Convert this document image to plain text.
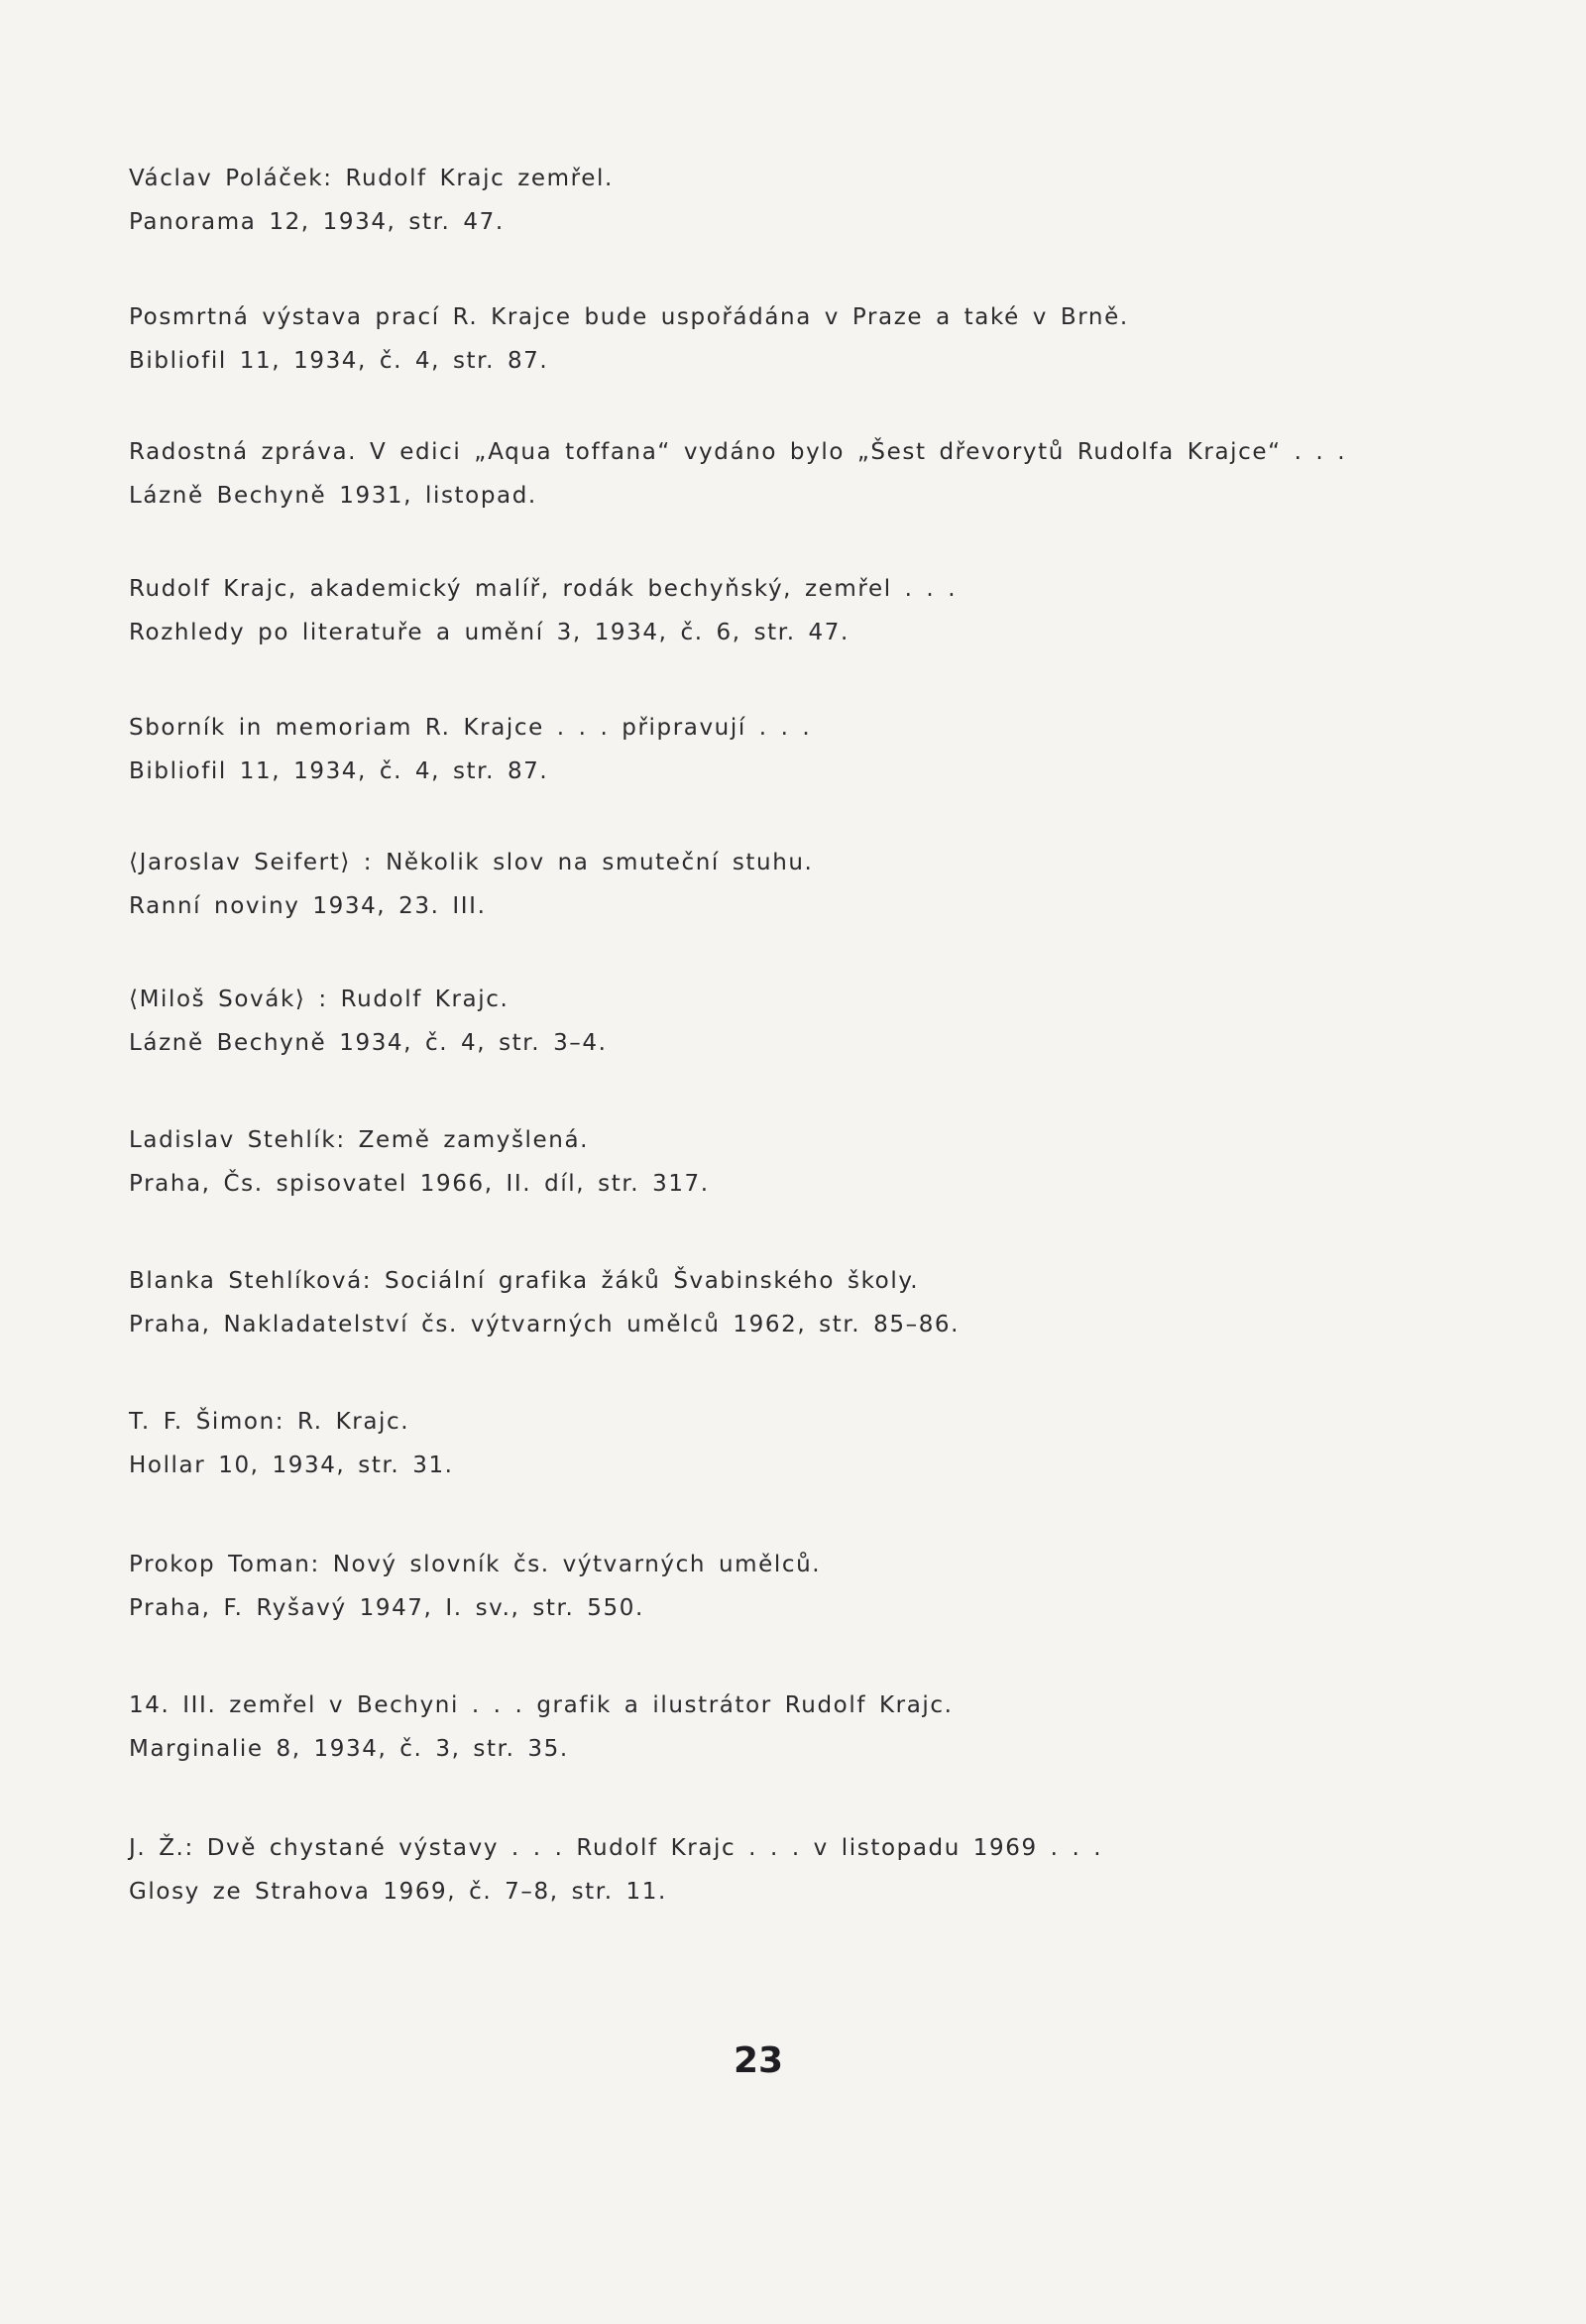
Václav Poláček: Rudolf Krajc zemřel.
Panorama 12, 1934, str. 47.
Posmrtná výstava prací R. Krajce bude uspořádána v Praze a také v Brně.
Bibliofil 11, 1934, č. 4, str. 87.
Radostná zpráva. V edici „Aqua toffana“ vydáno bylo „Šest dřevorytů Rudolfa Krajce“ . . .
Lázně Bechyně 1931, listopad.
Rudolf Krajc, akademický malíř, rodák bechyňský, zemřel . . .
Rozhledy po literatuře a umění 3, 1934, č. 6, str. 47.
Sborník in memoriam R. Krajce . . . připravují . . .
Bibliofil 11, 1934, č. 4, str. 87.
⟨Jaroslav Seifert⟩ : Několik slov na smuteční stuhu.
Ranní noviny 1934, 23. III.
⟨Miloš Sovák⟩ : Rudolf Krajc.
Lázně Bechyně 1934, č. 4, str. 3–4.
Ladislav Stehlík: Země zamyšlená.
Praha, Čs. spisovatel 1966, II. díl, str. 317.
Blanka Stehlíková: Sociální grafika žáků Švabinského školy.
Praha, Nakladatelství čs. výtvarných umělců 1962, str. 85–86.
T. F. Šimon: R. Krajc.
Hollar 10, 1934, str. 31.
Prokop Toman: Nový slovník čs. výtvarných umělců.
Praha, F. Ryšavý 1947, I. sv., str. 550.
14. III. zemřel v Bechyni . . . grafik a ilustrátor Rudolf Krajc.
Marginalie 8, 1934, č. 3, str. 35.
J. Ž.: Dvě chystané výstavy . . . Rudolf Krajc . . . v listopadu 1969 . . .
Glosy ze Strahova 1969, č. 7–8, str. 11.
23
